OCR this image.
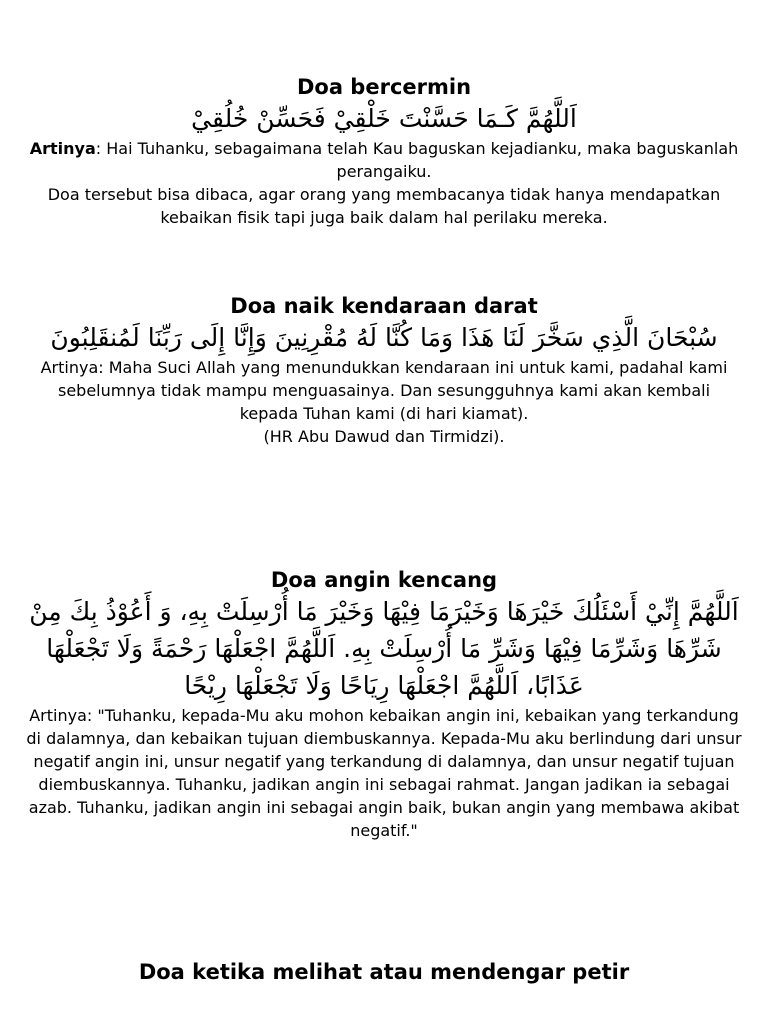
Doa bercermin

اَللَّهُمَّ كَـمَا حَسَّنْتَ خَلْقِيْ فَحَسِّنْ خُلُقِيْ

Artinya: Hai Tuhanku, sebagaimana telah Kau baguskan kejadianku, maka baguskanlah perangaiku.

Doa tersebut bisa dibaca, agar orang yang membacanya tidak hanya mendapatkan kebaikan fisik tapi juga baik dalam hal perilaku mereka.

Doa naik kendaraan darat

سُبْحَانَ الَّذِي سَخَّرَ لَنَا هَذَا وَمَا كُنَّا لَهُ مُقْرِنِينَ وَإِنَّا إِلَى رَبِّنَا لَمُنقَلِبُونَ

Artinya: Maha Suci Allah yang menundukkan kendaraan ini untuk kami, padahal kami sebelumnya tidak mampu menguasainya. Dan sesungguhnya kami akan kembali kepada Tuhan kami (di hari kiamat).

(HR Abu Dawud dan Tirmidzi).

Doa angin kencang

اَللَّهُمَّ إِنِّيْ أَسْئَلُكَ خَيْرَهَا وَخَيْرَمَا فِيْهَا وَخَيْرَ مَا أُرْسِلَتْ بِهِ، وَ أَعُوْذُ بِكَ مِنْ شَرِّهَا وَشَرِّمَا فِيْهَا وَشَرِّ مَا أُرْسِلَتْ بِهِ. اَللَّهُمَّ اجْعَلْهَا رَحْمَةً وَلَا تَجْعَلْهَا عَذَابًا، اَللَّهُمَّ اجْعَلْهَا رِيَاحًا وَلَا تَجْعَلْهَا رِيْحًا

Artinya: "Tuhanku, kepada-Mu aku mohon kebaikan angin ini, kebaikan yang terkandung di dalamnya, dan kebaikan tujuan diembuskannya. Kepada-Mu aku berlindung dari unsur negatif angin ini, unsur negatif yang terkandung di dalamnya, dan unsur negatif tujuan diembuskannya. Tuhanku, jadikan angin ini sebagai rahmat. Jangan jadikan ia sebagai azab. Tuhanku, jadikan angin ini sebagai angin baik, bukan angin yang membawa akibat negatif."

Doa ketika melihat atau mendengar petir
